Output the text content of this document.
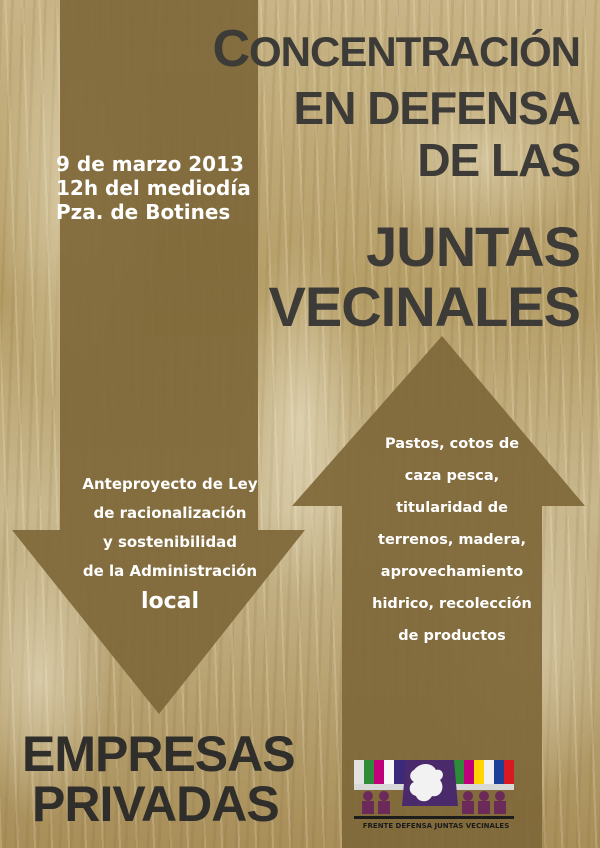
CONCENTRACIÓN
EN DEFENSA
DE LAS
JUNTAS
VECINALES
9 de marzo 2013
12h del mediodía
Pza. de Botines
Anteproyecto de Ley
de racionalización
y sostenibilidad
de la Administración
local
Pastos, cotos de
caza pesca,
titularidad de
terrenos, madera,
aprovechamiento
hidrico, recolección
de productos
EMPRESAS
PRIVADAS	FRENTE DEFENSA JUNTAS VECINALES
